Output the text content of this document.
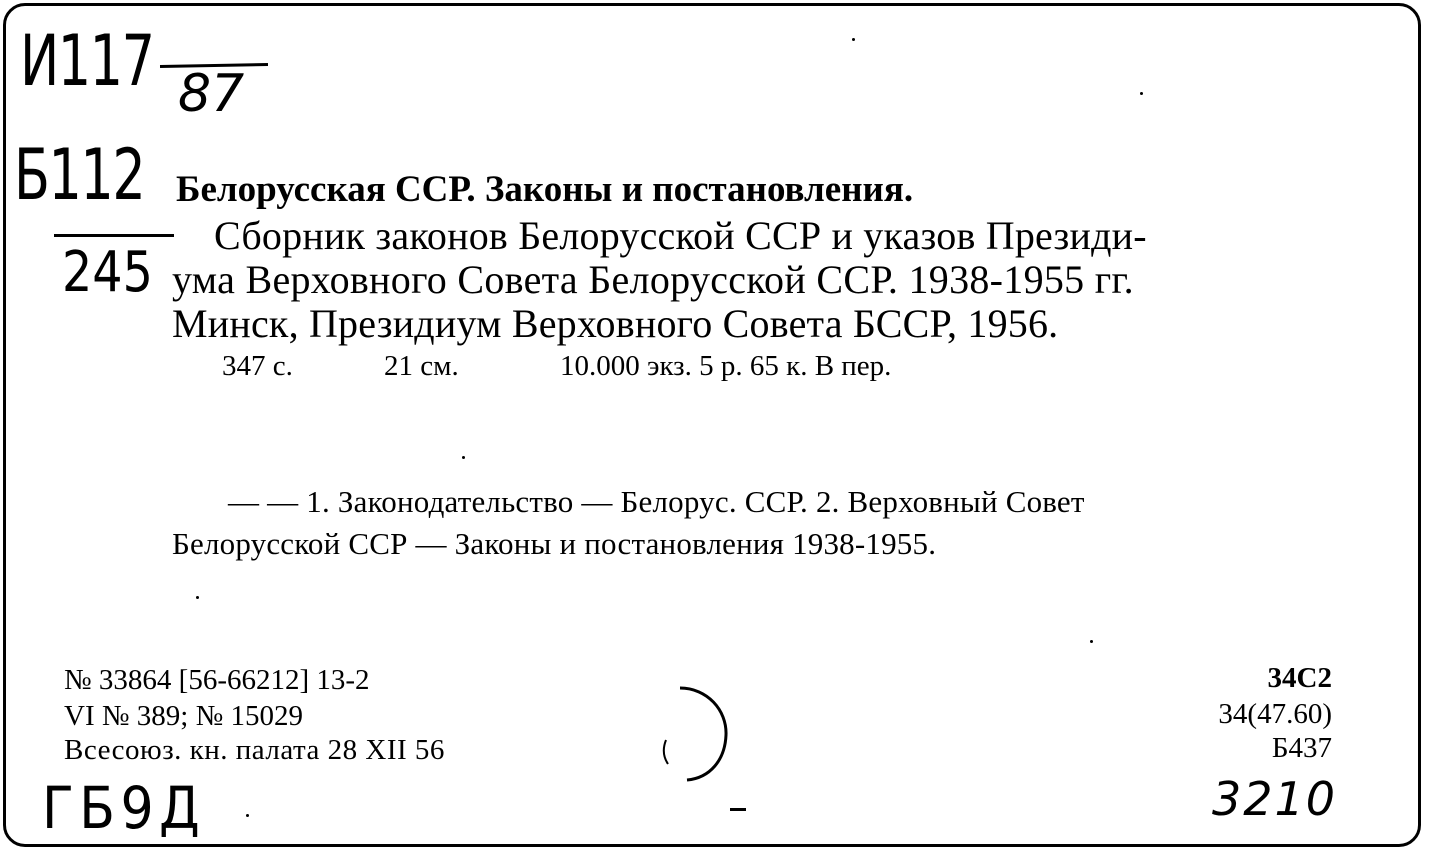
И117 87
Б112
245
Белорусская ССР. Законы и постановления.
Сборник законов Белорусской ССР и указов Президи-
ума Верховного Совета Белорусской ССР. 1938-1955 гг.
Минск, Президиум Верховного Совета БССР, 1956.
347 с.	21 см.	10.000 экз. 5 р. 65 к. В пер.
— — 1. Законодательство — Белорус. ССР. 2. Верховный Совет
Белорусской ССР — Законы и постановления 1938-1955.
№ 33864 [56-66212] 13-2
VI № 389; № 15029
Всесоюз. кн. палата 28 XII 56
34С2
34(47.60)
Б437
ГБ9Д	3210
